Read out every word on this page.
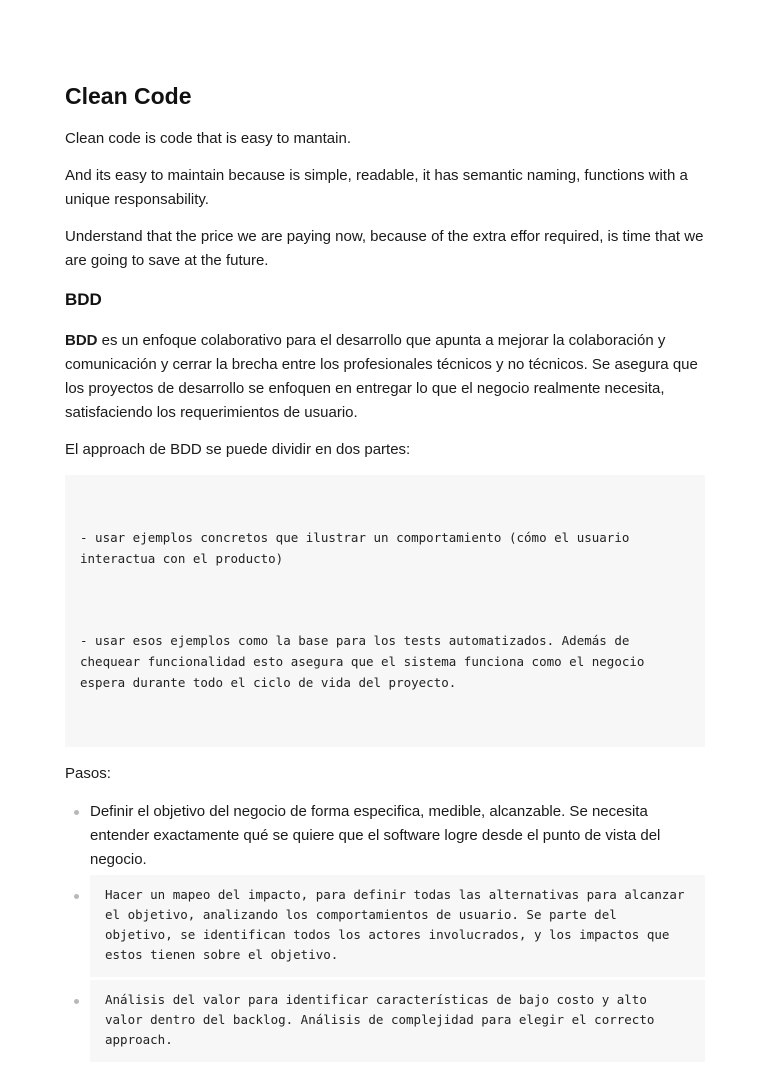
Clean Code

Clean code is code that is easy to mantain.

And its easy to maintain because is simple, readable, it has semantic naming, functions with a unique responsability.

Understand that the price we are paying now, because of the extra effor required, is time that we are going to save at the future.

BDD

BDD es un enfoque colaborativo para el desarrollo que apunta a mejorar la colaboración y comunicación y cerrar la brecha entre los profesionales técnicos y no técnicos. Se asegura que los proyectos de desarrollo se enfoquen en entregar lo que el negocio realmente necesita, satisfaciendo los requerimientos de usuario.

El approach de BDD se puede dividir en dos partes:

- usar ejemplos concretos que ilustrar un comportamiento (cómo el usuario interactua con el producto)

- usar esos ejemplos como la base para los tests automatizados. Además de chequear funcionalidad esto asegura que el sistema funciona como el negocio espera durante todo el ciclo de vida del proyecto.

Pasos:

Definir el objetivo del negocio de forma especifica, medible, alcanzable. Se necesita entender exactamente qué se quiere que el software logre desde el punto de vista del negocio.
Hacer un mapeo del impacto, para definir todas las alternativas para alcanzar el objetivo, analizando los comportamientos de usuario. Se parte del objetivo, se identifican todos los actores involucrados, y los impactos que estos tienen sobre el objetivo.
Análisis del valor para identificar características de bajo costo y alto valor dentro del backlog. Análisis de complejidad para elegir el correcto approach.
